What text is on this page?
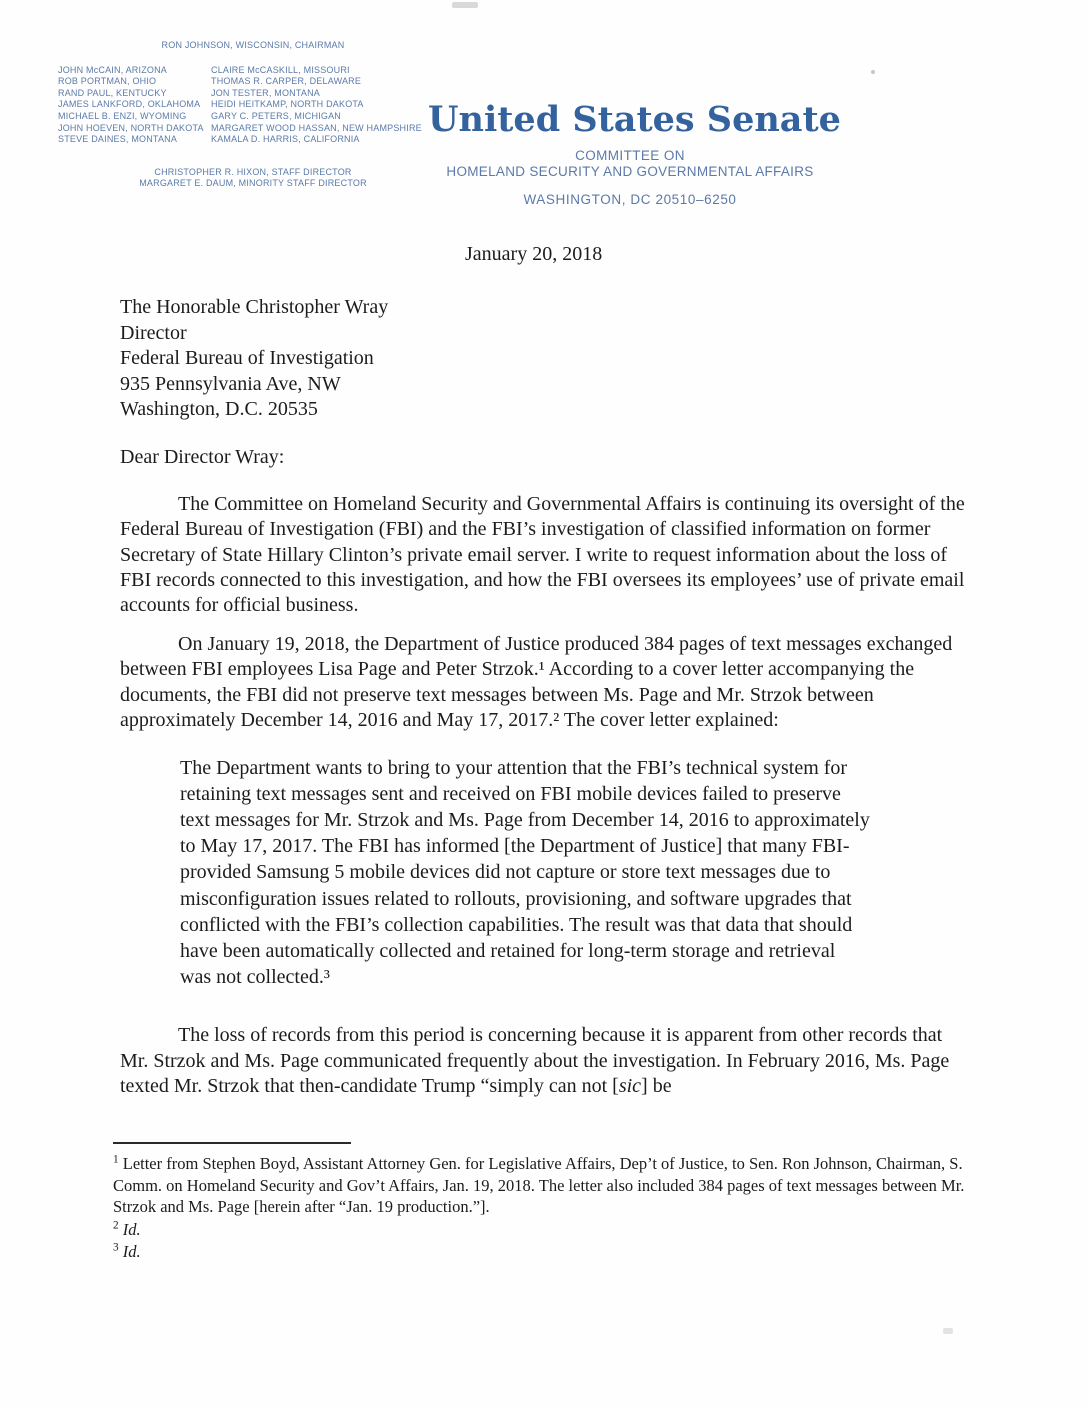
RON JOHNSON, WISCONSIN, CHAIRMAN
JOHN McCAIN, ARIZONA
ROB PORTMAN, OHIO
RAND PAUL, KENTUCKY
JAMES LANKFORD, OKLAHOMA
MICHAEL B. ENZI, WYOMING
JOHN HOEVEN, NORTH DAKOTA
STEVE DAINES, MONTANA
CLAIRE McCASKILL, MISSOURI
THOMAS R. CARPER, DELAWARE
JON TESTER, MONTANA
HEIDI HEITKAMP, NORTH DAKOTA
GARY C. PETERS, MICHIGAN
MARGARET WOOD HASSAN, NEW HAMPSHIRE
KAMALA D. HARRIS, CALIFORNIA
CHRISTOPHER R. HIXON, STAFF DIRECTOR
MARGARET E. DAUM, MINORITY STAFF DIRECTOR
United States Senate
COMMITTEE ON
HOMELAND SECURITY AND GOVERNMENTAL AFFAIRS
WASHINGTON, DC 20510–6250
January 20, 2018
The Honorable Christopher Wray
Director
Federal Bureau of Investigation
935 Pennsylvania Ave, NW
Washington, D.C. 20535
Dear Director Wray:

The Committee on Homeland Security and Governmental Affairs is continuing its oversight of the Federal Bureau of Investigation (FBI) and the FBI’s investigation of classified information on former Secretary of State Hillary Clinton’s private email server. I write to request information about the loss of FBI records connected to this investigation, and how the FBI oversees its employees’ use of private email accounts for official business.

On January 19, 2018, the Department of Justice produced 384 pages of text messages exchanged between FBI employees Lisa Page and Peter Strzok.¹ According to a cover letter accompanying the documents, the FBI did not preserve text messages between Ms. Page and Mr. Strzok between approximately December 14, 2016 and May 17, 2017.² The cover letter explained:

The Department wants to bring to your attention that the FBI’s technical system for retaining text messages sent and received on FBI mobile devices failed to preserve text messages for Mr. Strzok and Ms. Page from December 14, 2016 to approximately to May 17, 2017. The FBI has informed [the Department of Justice] that many FBI-provided Samsung 5 mobile devices did not capture or store text messages due to misconfiguration issues related to rollouts, provisioning, and software upgrades that conflicted with the FBI’s collection capabilities. The result was that data that should have been automatically collected and retained for long-term storage and retrieval was not collected.³

The loss of records from this period is concerning because it is apparent from other records that Mr. Strzok and Ms. Page communicated frequently about the investigation. In February 2016, Ms. Page texted Mr. Strzok that then-candidate Trump “simply can not [sic] be

$^1$ Letter from Stephen Boyd, Assistant Attorney Gen. for Legislative Affairs, Dep’t of Justice, to Sen. Ron Johnson, Chairman, S. Comm. on Homeland Security and Gov’t Affairs, Jan. 19, 2018. The letter also included 384 pages of text messages between Mr. Strzok and Ms. Page [herein after “Jan. 19 production.”].

$^2$ Id.

$^3$ Id.
